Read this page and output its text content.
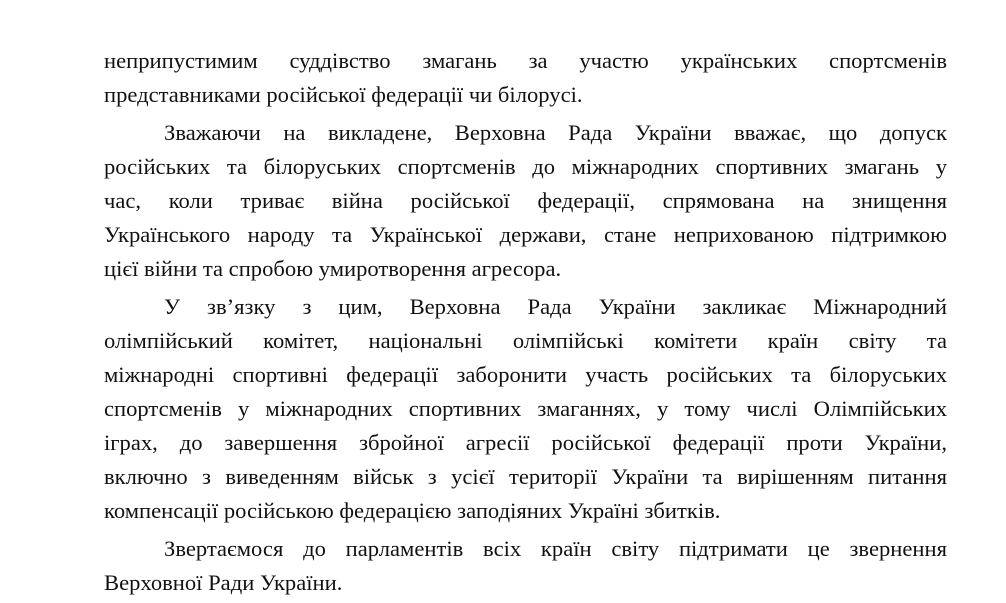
неприпустимим суддівство змагань за участю українських спортсменів
представниками російської федерації чи білорусі.
Зважаючи на викладене, Верховна Рада України вважає, що допуск
російських та білоруських спортсменів до міжнародних спортивних змагань у
час, коли триває війна російської федерації, спрямована на знищення
Українського народу та Української держави, стане неприхованою підтримкою
цієї війни та спробою умиротворення агресора.
У зв’язку з цим, Верховна Рада України закликає Міжнародний
олімпійський комітет, національні олімпійські комітети країн світу та
міжнародні спортивні федерації заборонити участь російських та білоруських
спортсменів у міжнародних спортивних змаганнях, у тому числі Олімпійських
іграх, до завершення збройної агресії російської федерації проти України,
включно з виведенням військ з усієї території України та вирішенням питання
компенсації російською федерацією заподіяних Україні збитків.
Звертаємося до парламентів всіх країн світу підтримати це звернення
Верховної Ради України.
